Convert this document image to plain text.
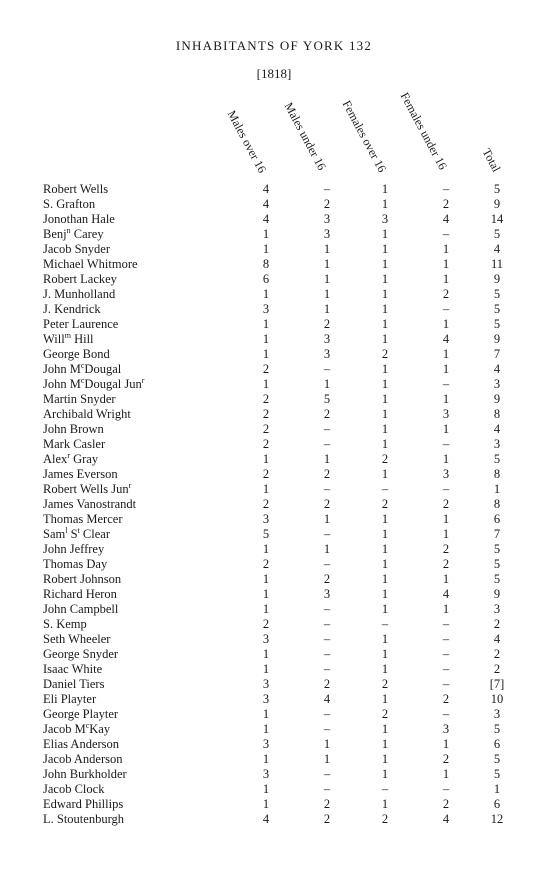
INHABITANTS OF YORK 132
[1818]
Males over 16 Males under 16 Females over 16 Females under 16 Total
Robert Wells	4	–	1	–	5
S. Grafton	4	2	1	2	9
Jonothan Hale	4	3	3	4	14
Benj$^n$ Carey	1	3	1	–	5
Jacob Snyder	1	1	1	1	4
Michael Whitmore	8	1	1	1	11
Robert Lackey	6	1	1	1	9
J. Munholland	1	1	1	2	5
J. Kendrick	3	1	1	–	5
Peter Laurence	1	2	1	1	5
Will$^m$ Hill	1	3	1	4	9
George Bond	1	3	2	1	7
John $M^cDougal$	2	–	1	1	4
John $M^cDougal$ Jun$^r$	1	1	1	–	3
Martin Snyder	2	5	1	1	9
Archibald Wright	2	2	1	3	8
John Brown	2	–	1	1	4
Mark Casler	2	–	1	–	3
Alex$^r$ Gray	1	1	2	1	5
James Everson	2	2	1	3	8
Robert Wells Jun$^r$	1	–	–	–	1
James Vanostrandt	2	2	2	2	8
Thomas Mercer	3	1	1	1	6
Sam$^l$ $S^t$ Clear	5	–	1	1	7
John Jeffrey	1	1	1	2	5
Thomas Day	2	–	1	2	5
Robert Johnson	1	2	1	1	5
Richard Heron	1	3	1	4	9
John Campbell	1	–	1	1	3
S. Kemp	2	–	–	–	2
Seth Wheeler	3	–	1	–	4
George Snyder	1	–	1	–	2
Isaac White	1	–	1	–	2
Daniel Tiers	3	2	2	–	[7]
Eli Playter	3	4	1	2	10
George Playter	1	–	2	–	3
Jacob $M^cKay$	1	–	1	3	5
Elias Anderson	3	1	1	1	6
Jacob Anderson	1	1	1	2	5
John Burkholder	3	–	1	1	5
Jacob Clock	1	–	–	–	1
Edward Phillips	1	2	1	2	6
L. Stoutenburgh	4	2	2	4	12
